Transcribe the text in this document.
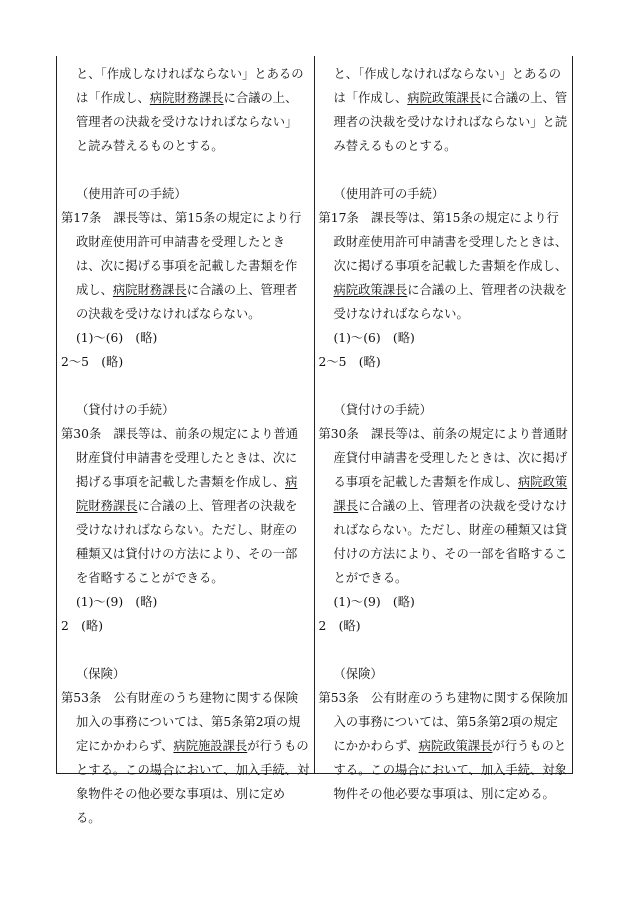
と、「作成しなければならない」とあるのは「作成し、病院財務課長に合議の上、管理者の決裁を受けなければならない」と読み替えるものとする。

（使用許可の手続）

第17条　課長等は、第15条の規定により行政財産使用許可申請書を受理したときは、次に掲げる事項を記載した書類を作成し、病院財務課長に合議の上、管理者の決裁を受けなければならない。

(1)～(6)　(略)

2～5　(略)

（貸付けの手続）

第30条　課長等は、前条の規定により普通財産貸付申請書を受理したときは、次に掲げる事項を記載した書類を作成し、病院財務課長に合議の上、管理者の決裁を受けなければならない。ただし、財産の種類又は貸付けの方法により、その一部を省略することができる。

(1)～(9)　(略)

2　(略)

（保険）

第53条　公有財産のうち建物に関する保険加入の事務については、第5条第2項の規定にかかわらず、病院施設課長が行うものとする。この場合において、加入手続、対象物件その他必要な事項は、別に定める。

と、「作成しなければならない」とあるのは「作成し、病院政策課長に合議の上、管理者の決裁を受けなければならない」と読み替えるものとする。

（使用許可の手続）

第17条　課長等は、第15条の規定により行政財産使用許可申請書を受理したときは、次に掲げる事項を記載した書類を作成し、病院政策課長に合議の上、管理者の決裁を受けなければならない。

(1)～(6)　(略)

2～5　(略)

（貸付けの手続）

第30条　課長等は、前条の規定により普通財産貸付申請書を受理したときは、次に掲げる事項を記載した書類を作成し、病院政策課長に合議の上、管理者の決裁を受けなければならない。ただし、財産の種類又は貸付けの方法により、その一部を省略することができる。

(1)～(9)　(略)

2　(略)

（保険）

第53条　公有財産のうち建物に関する保険加入の事務については、第5条第2項の規定にかかわらず、病院政策課長が行うものとする。この場合において、加入手続、対象物件その他必要な事項は、別に定める。
